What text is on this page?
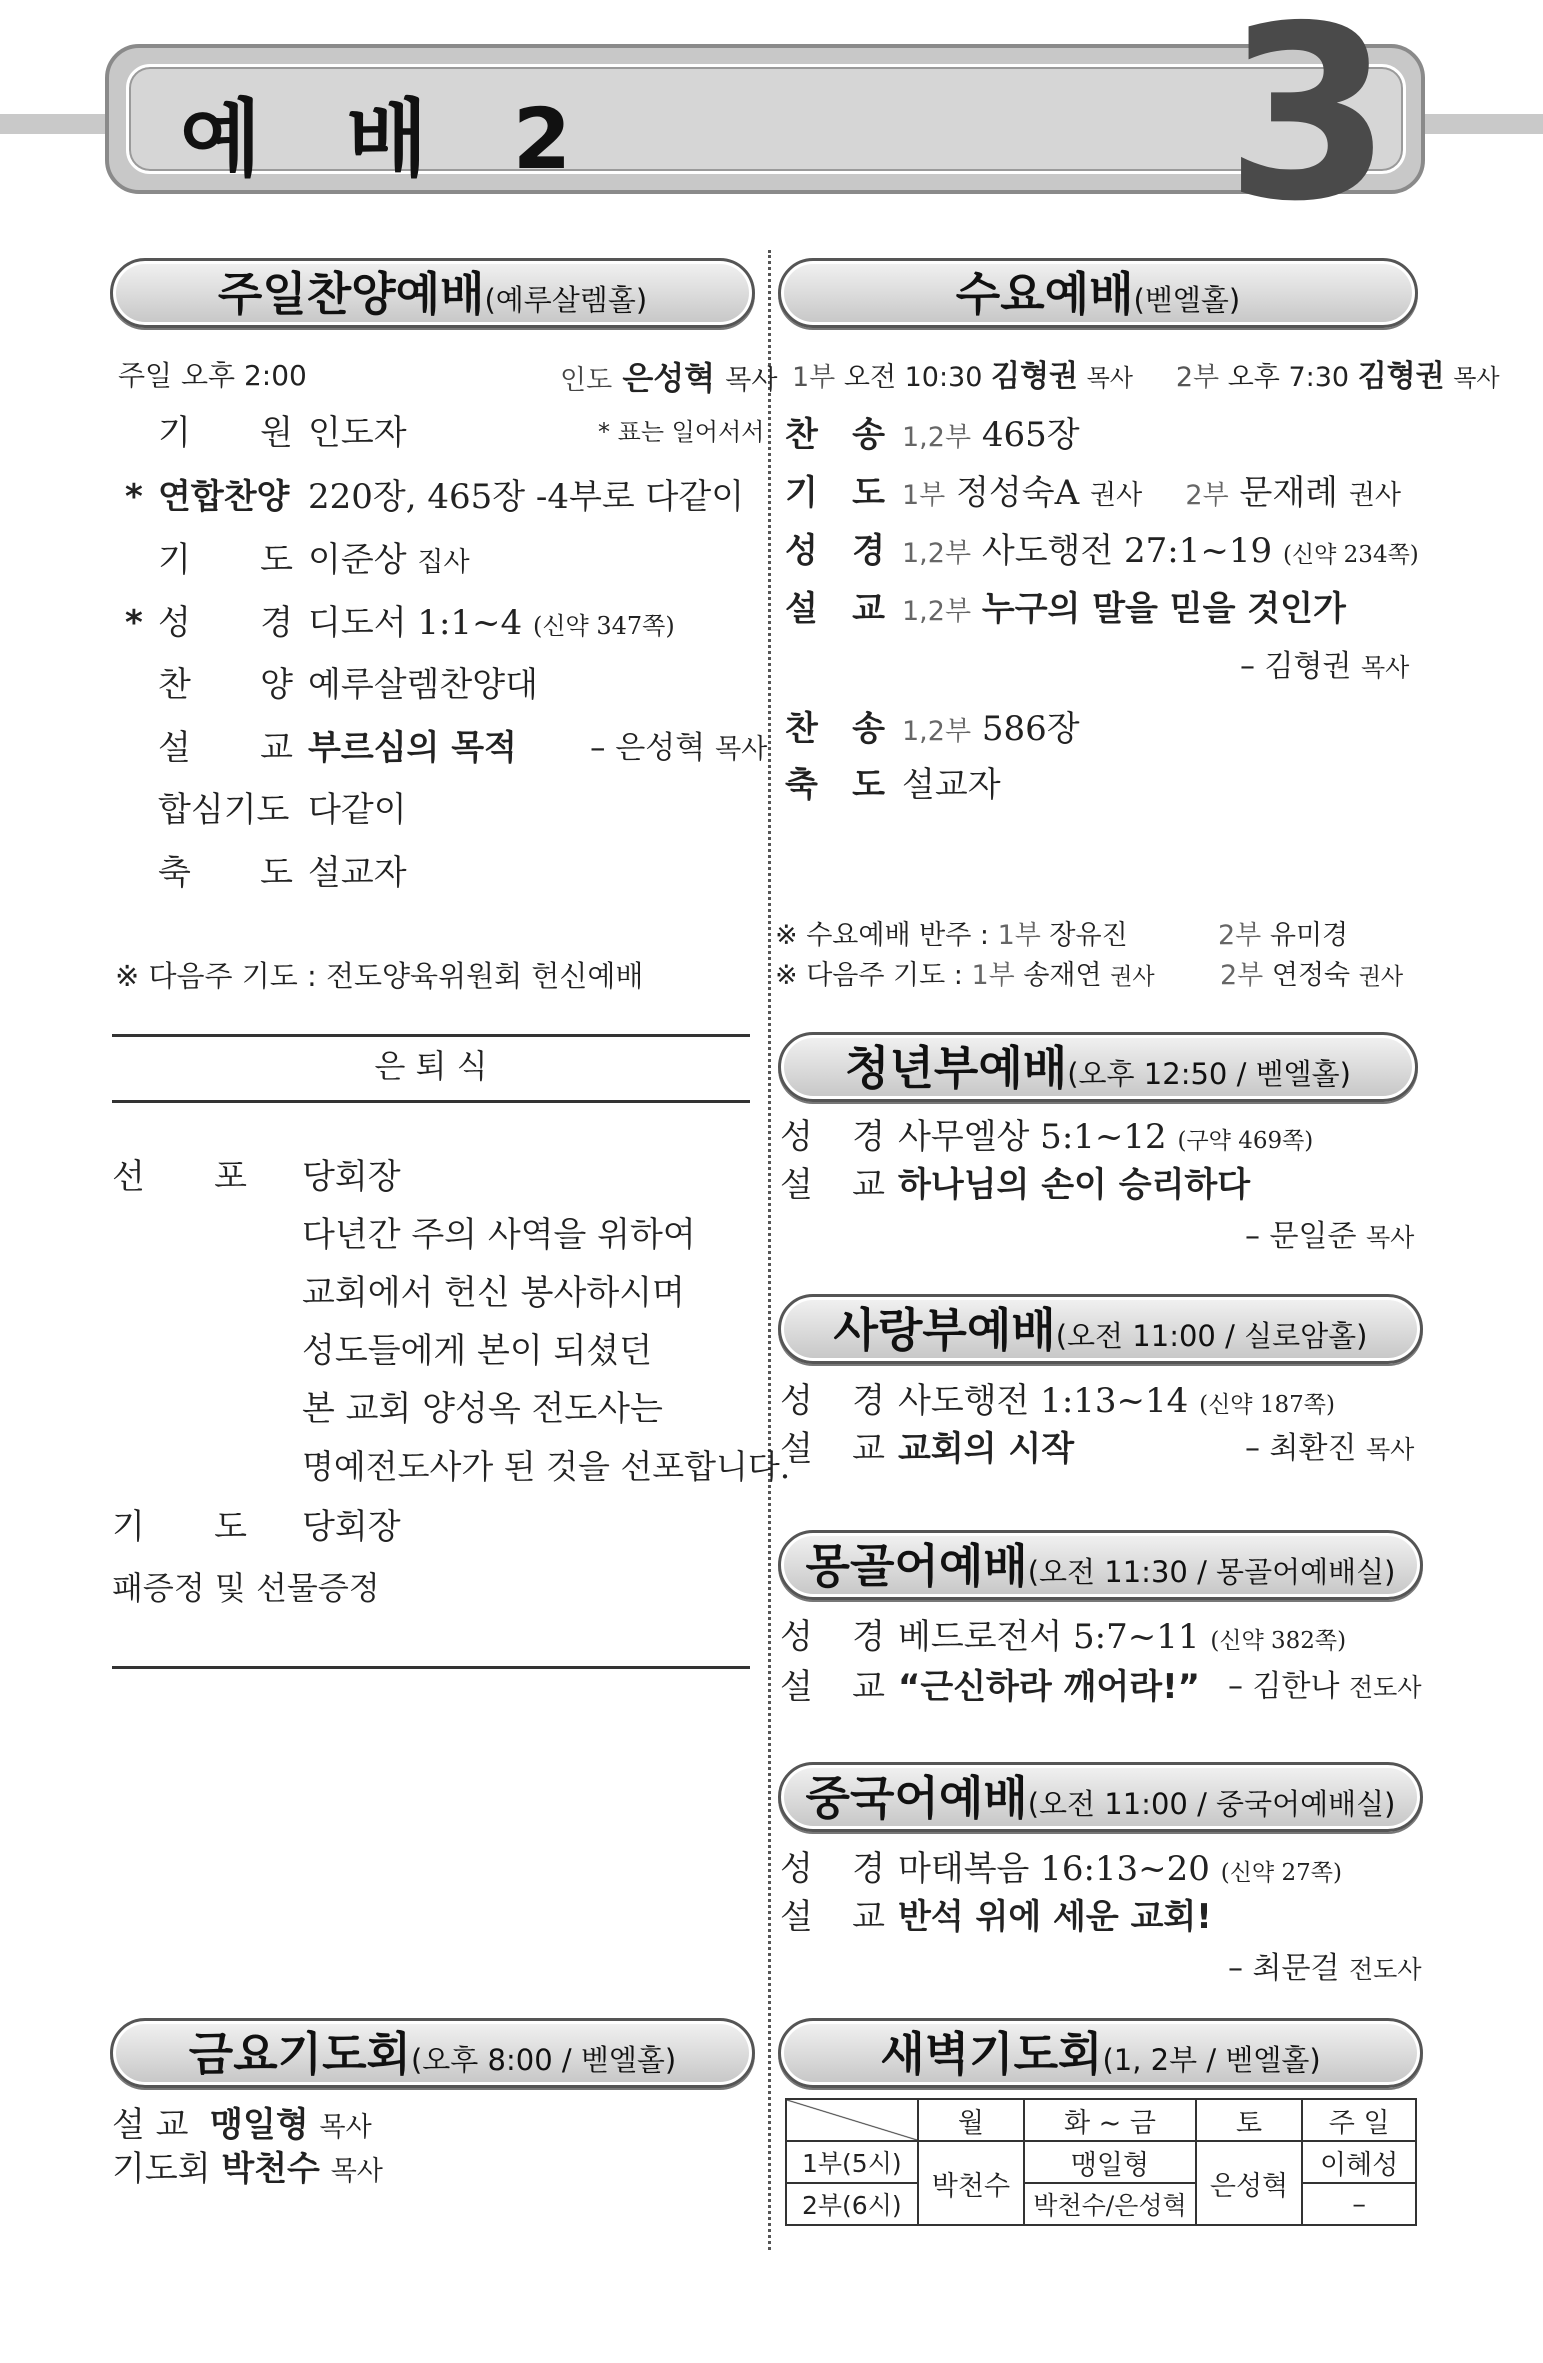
예 배 2	3
주일찬양예배(예루살렘홀)
주일 오후 2:00	인도 은성혁 목사
* 표는 일어서서
기 원 인도자
* 연합찬양 220장, 465장 -4부로 다같이
기 도 이준상 집사
* 성 경 디도서 1:1~4 (신약 347쪽)
찬 양 예루살렘찬양대
설 교 부르심의 목적 – 은성혁 목사
합심기도 다같이
축 도 설교자
※ 다음주 기도 : 전도양육위원회 헌신예배
은 퇴 식
선 포 당회장
다년간 주의 사역을 위하여
교회에서 헌신 봉사하시며
성도들에게 본이 되셨던
본 교회 양성옥 전도사는
명예전도사가 된 것을 선포합니다.
기 도 당회장
패증정 및 선물증정
금요기도회(오후 8:00 / 벧엘홀)
설 교 맹일형 목사
기도회 박천수 목사
수요예배(벧엘홀)
1부 오전 10:30 김형권 목사 2부 오후 7:30 김형권 목사
찬 송 1,2부 465장
기 도 1부 정성숙A 권사 2부 문재례 권사
성 경 1,2부 사도행전 27:1~19 (신약 234쪽)
설 교 1,2부 누구의 말을 믿을 것인가
– 김형권 목사
찬 송 1,2부 586장
축 도 설교자
※ 수요예배 반주 : 1부 장유진	2부 유미경
※ 다음주 기도 : 1부 송재연 권사 2부 연정숙 권사
청년부예배(오후 12:50 / 벧엘홀)
성 경 사무엘상 5:1~12 (구약 469쪽)
설 교 하나님의 손이 승리하다
– 문일준 목사
사랑부예배(오전 11:00 / 실로암홀)
성 경 사도행전 1:13~14 (신약 187쪽)
설 교 교회의 시작	– 최환진 목사
몽골어예배(오전 11:30 / 몽골어예배실)
성 경 베드로전서 5:7~11 (신약 382쪽)
설 교 “근신하라 깨어라!” – 김한나 전도사
중국어예배(오전 11:00 / 중국어예배실)
성 경 마태복음 16:13~20 (신약 27쪽)
설 교 반석 위에 세운 교회!
– 최문걸 전도사
새벽기도회(1, 2부 / 벧엘홀)
	월	화 ~ 금	토	주 일
1부(5시)	박천수	맹일형	은성혁	이혜성
2부(6시)		박천수/은성혁		–
